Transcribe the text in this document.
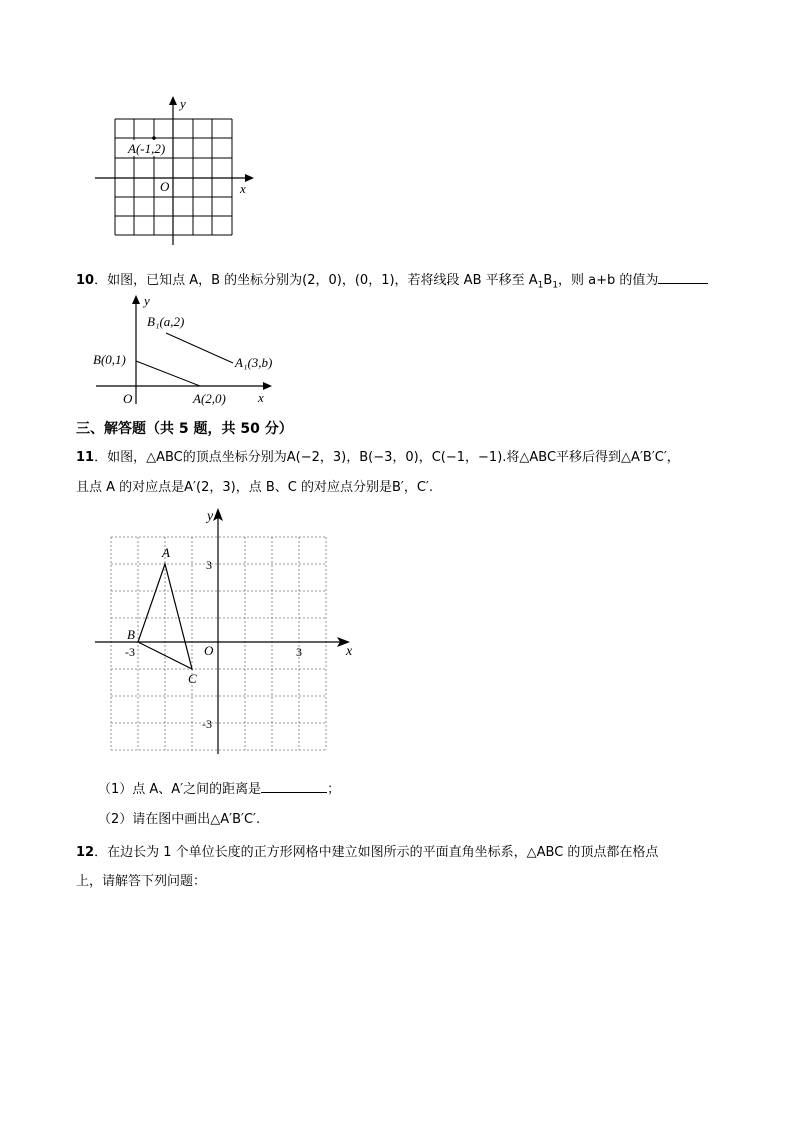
A(-1,2)
y
x
O
10．如图，已知点 A，B 的坐标分别为(2，0)，(0，1)，若将线段 AB 平移至 $A_1B_1$，则 a+b 的值为
y
x
O
B(0,1)
A(2,0)
B₁(a,2)
A₁(3,b)
三、解答题（共 5 题，共 50 分）
11．如图，△ABC的顶点坐标分别为A(−2，3)，B(−3，0)，C(−1，−1).将△ABC平移后得到△A′B′C′，
且点 A 的对应点是A′(2，3)，点 B、C 的对应点分别是B′，C′.
y
x
O
A
B
C
3
-3
3
-3
（1）点 A、A′之间的距离是	；
（2）请在图中画出△A′B′C′.
12．在边长为 1 个单位长度的正方形网格中建立如图所示的平面直角坐标系，△ABC 的顶点都在格点
上，请解答下列问题：
